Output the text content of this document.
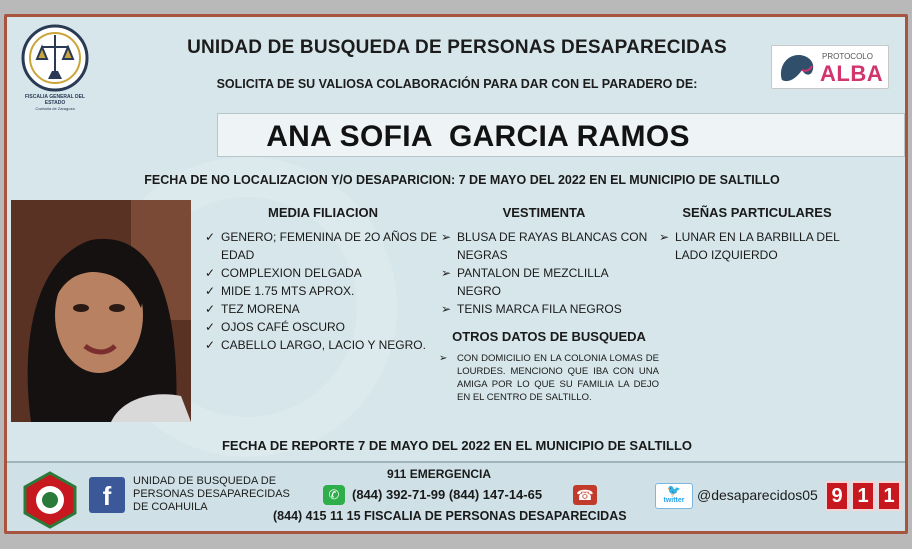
FISCALIA GENERAL DEL ESTADO
Coahuila de Zaragoza
UNIDAD DE BUSQUEDA DE PERSONAS DESAPARECIDAS
SOLICITA DE SU VALIOSA COLABORACIÓN PARA DAR CON EL PARADERO DE:
PROTOCOLO
ALBA
ANA SOFIA  GARCIA RAMOS
FECHA DE NO LOCALIZACION Y/O DESAPARICION: 7 DE MAYO DEL 2022 EN EL MUNICIPIO DE SALTILLO
MEDIA FILIACION
✓ GENERO; FEMENINA DE 2O AÑOS DE EDAD
✓ COMPLEXION DELGADA
✓ MIDE 1.75 MTS APROX.
✓ TEZ MORENA
✓ OJOS CAFÉ OSCURO
✓ CABELLO LARGO, LACIO Y NEGRO.
VESTIMENTA
➢ BLUSA DE RAYAS BLANCAS CON NEGRAS
➢ PANTALON DE MEZCLILLA NEGRO
➢ TENIS MARCA FILA NEGROS
SEÑAS PARTICULARES
➢ LUNAR EN LA BARBILLA DEL LADO IZQUIERDO
OTROS DATOS DE BUSQUEDA

➢ CON DOMICILIO EN LA COLONIA LOMAS DE LOURDES. MENCIONO QUE IBA CON UNA AMIGA POR LO QUE SU FAMILIA LA DEJO EN EL CENTRO DE SALTILLO.

FECHA DE REPORTE 7 DE MAYO DEL 2022 EN EL MUNICIPIO DE SALTILLO
f	UNIDAD DE BUSQUEDA DE PERSONAS DESAPARECIDAS DE COAHUILA
911 EMERGENCIA
✆ (844) 392-71-99 (844) 147-14-65 ☎
(844) 415 11 15 FISCALIA DE PERSONAS DESAPARECIDAS
🐦
twitter @desaparecidos05 9 1 1
